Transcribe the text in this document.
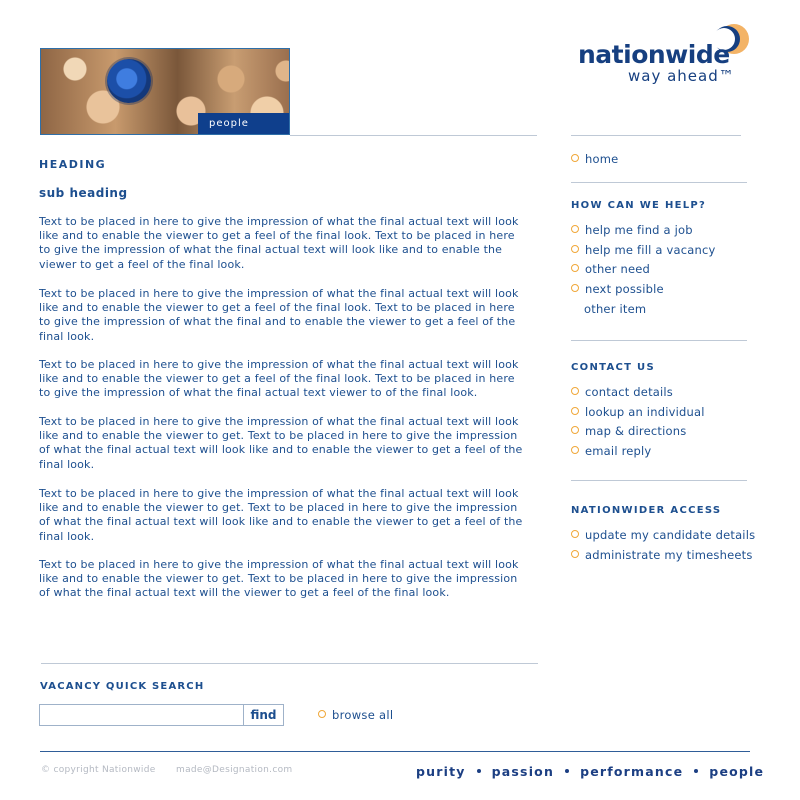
people
nationwide
way ahead™
HEADING
sub heading
Text to be placed in here to give the impression of what the final actual text will look like and to enable the viewer to get a feel of the final look. Text to be placed in here to give the impression of what the final actual text will look like and to enable the viewer to get a feel of the final look.
Text to be placed in here to give the impression of what the final actual text will look like and to enable the viewer to get a feel of the final look. Text to be placed in here to give the impression of what the final and to enable the viewer to get a feel of the final look.
Text to be placed in here to give the impression of what the final actual text will look like and to enable the viewer to get a feel of the final look. Text to be placed in here to give the impression of what the final actual text viewer to of the final look.
Text to be placed in here to give the impression of what the final actual text will look like and to enable the viewer to get. Text to be placed in here to give the impression of what the final actual text will look like and to enable the viewer to get a feel of the final look.
Text to be placed in here to give the impression of what the final actual text will look like and to enable the viewer to get. Text to be placed in here to give the impression of what the final actual text will look like and to enable the viewer to get a feel of the final look.
Text to be placed in here to give the impression of what the final actual text will look like and to enable the viewer to get. Text to be placed in here to give the impression of what the final actual text will the viewer to get a feel of the final look.
home
HOW CAN WE HELP?
help me find a job
help me fill a vacancy
other need
next possible
other item
CONTACT US
contact details
lookup an individual
map & directions
email reply
NATIONWIDER ACCESS
update my candidate details
administrate my timesheets
VACANCY QUICK SEARCH
find	browse all
© copyright Nationwide made@Designation.com	purity passion performance people
